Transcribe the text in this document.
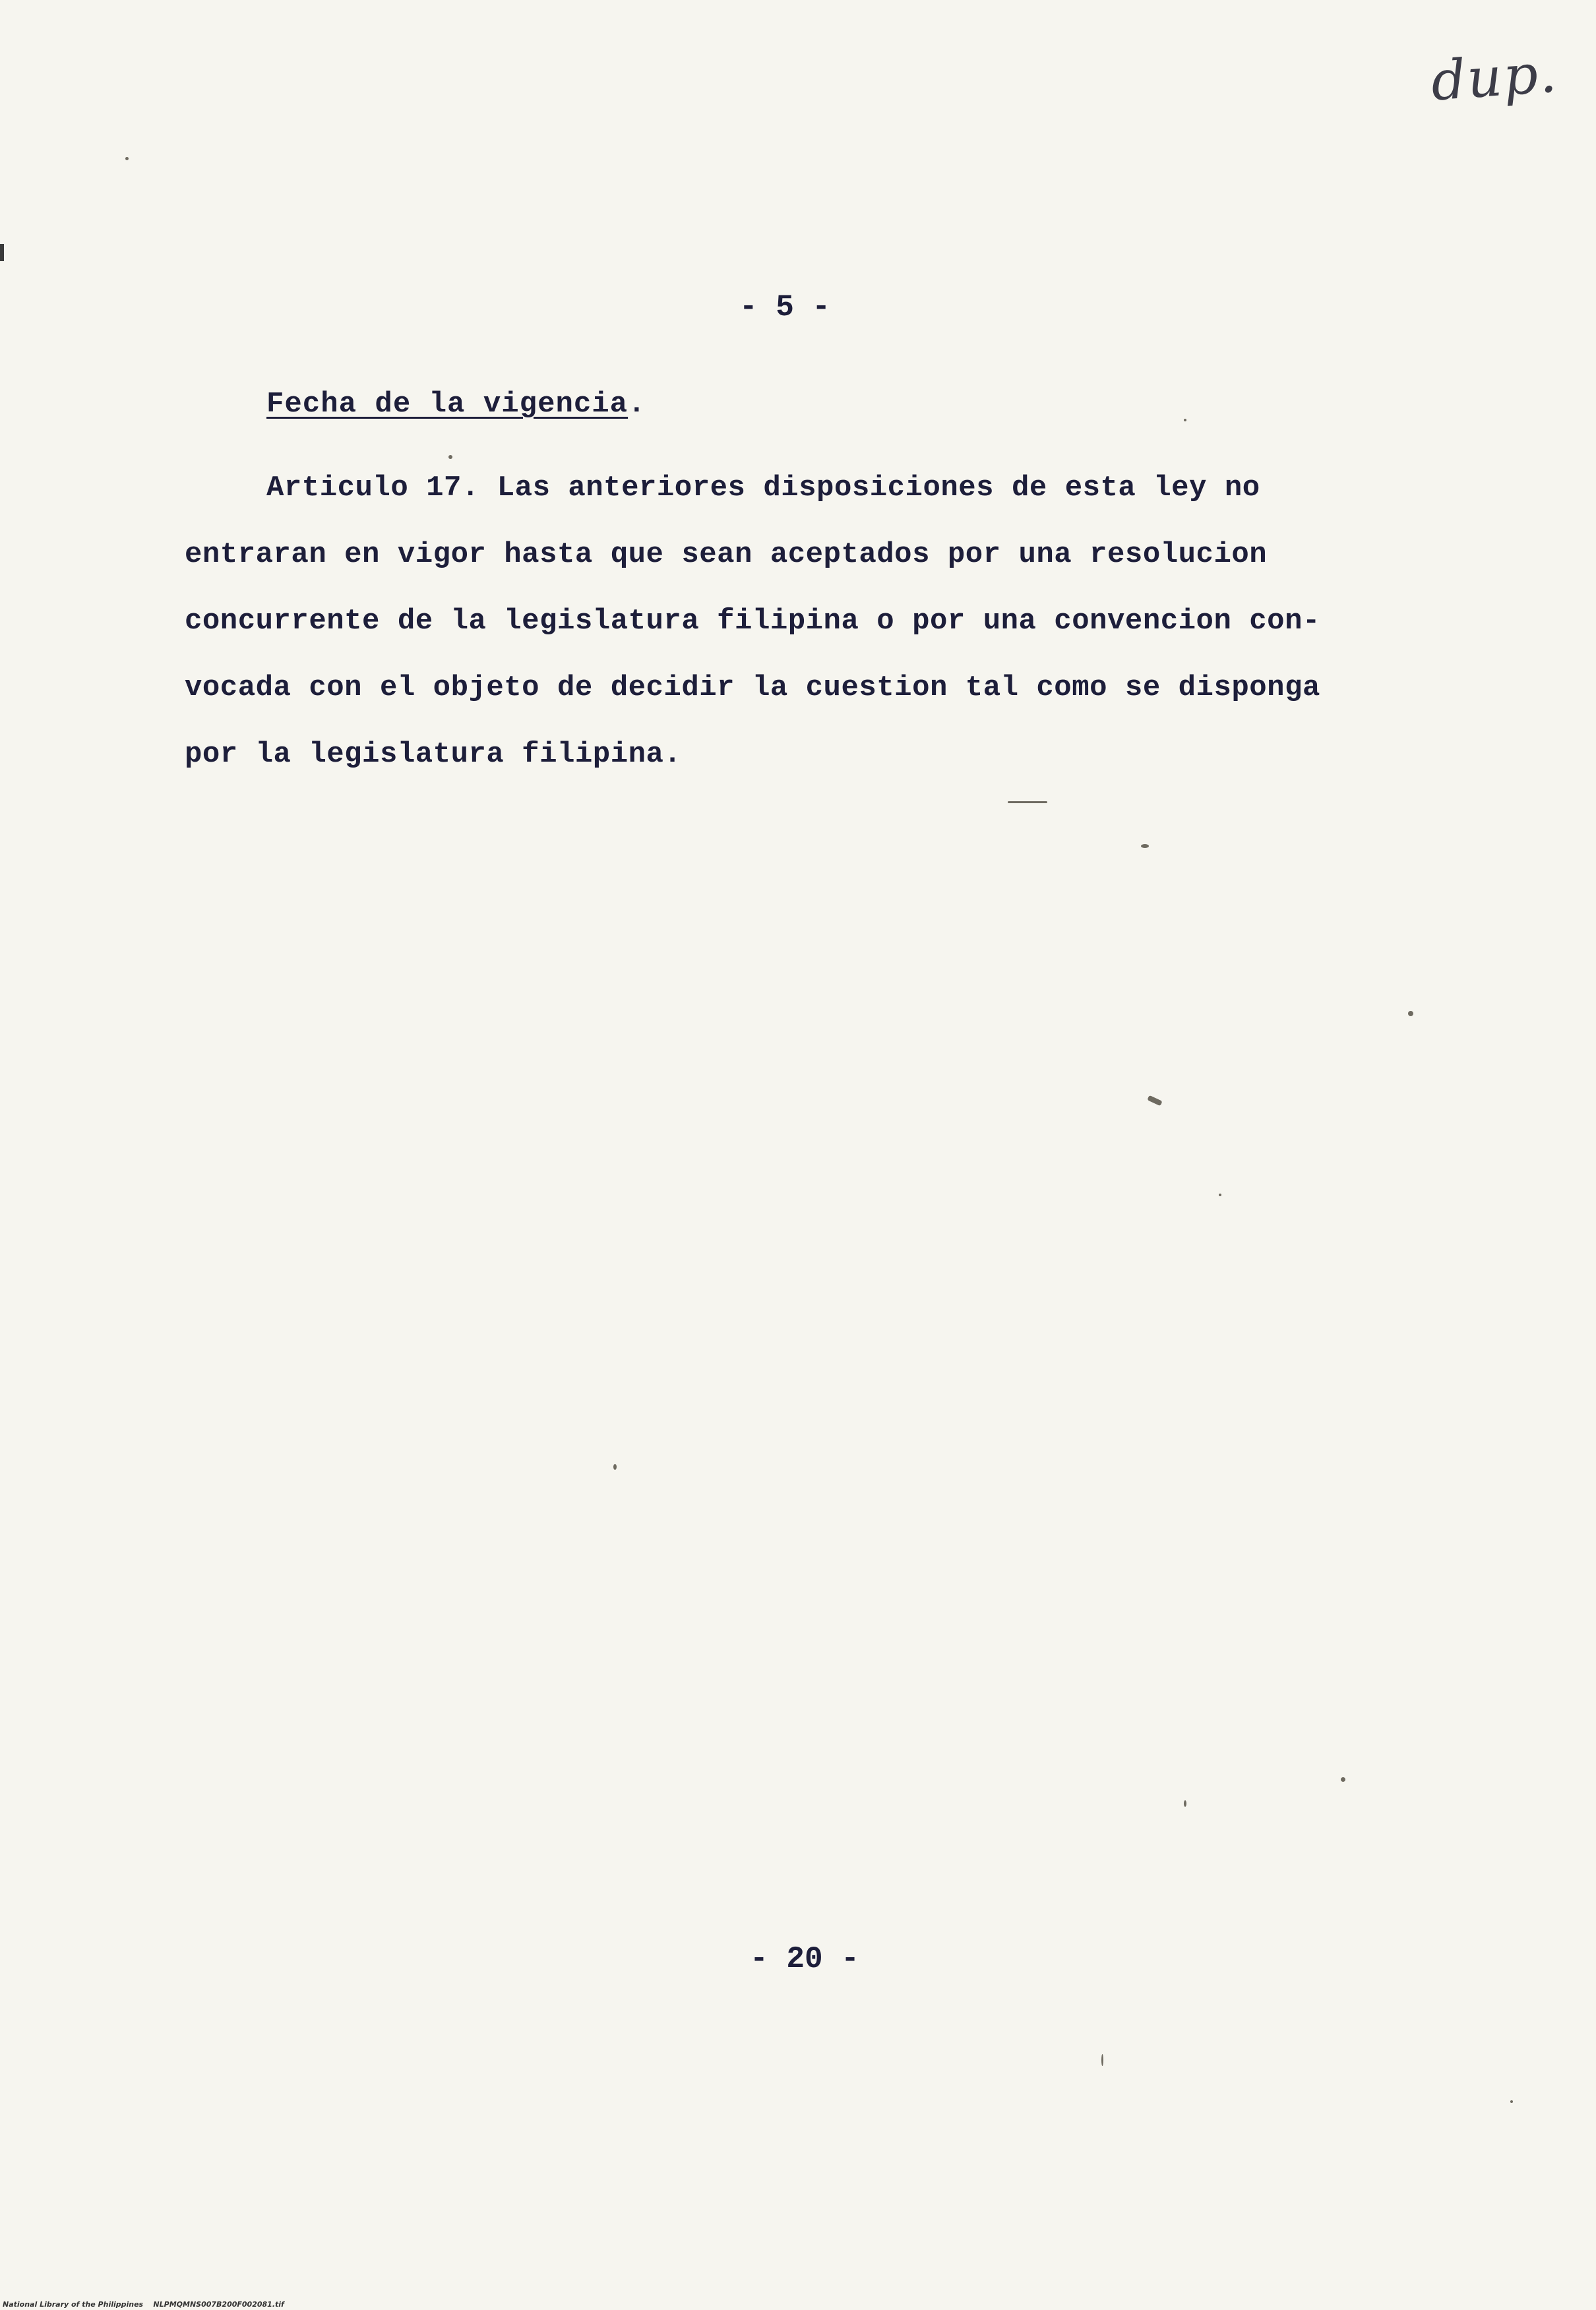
dup.
- 5 -
Fecha de la vigencia.
Articulo 17. Las anteriores disposiciones de esta ley no
entraran en vigor hasta que sean aceptados por una resolucion
concurrente de la legislatura filipina o por una convencion con-
vocada con el objeto de decidir la cuestion tal como se disponga
por la legislatura filipina.
- 20 -
National Library of the Philippines    NLPMQMNS007B200F002081.tif
